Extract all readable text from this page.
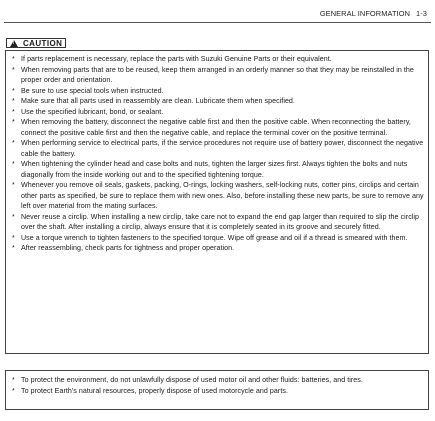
GENERAL INFORMATION 1-3
!
CAUTION
* If parts replacement is necessary, replace the parts with Suzuki Genuine Parts or their equivalent.
* When removing parts that are to be reused, keep them arranged in an orderly manner so that they may be reinstalled in the proper order and orientation.
* Be sure to use special tools when instructed.
* Make sure that all parts used in reassembly are clean. Lubricate them when specified.
* Use the specified lubricant, bond, or sealant.
* When removing the battery, disconnect the negative cable first and then the positive cable. When reconnecting the battery, connect the positive cable first and then the negative cable, and replace the terminal cover on the positive terminal.
* When performing service to electrical parts, if the service procedures not require use of battery power, disconnect the negative cable the battery.
* When tightening the cylinder head and case bolts and nuts, tighten the larger sizes first. Always tighten the bolts and nuts diagonally from the inside working out and to the specified tightening torque.
* Whenever you remove oil seals, gaskets, packing, O-rings, locking washers, self-locking nuts, cotter pins, circlips and certain other parts as specified, be sure to replace them with new ones. Also, before installing these new parts, be sure to remove any left over material from the mating surfaces.
* Never reuse a circlip. When installing a new circlip, take care not to expand the end gap larger than required to slip the circlip over the shaft. After installing a circlip, always ensure that it is completely seated in its groove and securely fitted.
* Use a torque wrench to tighten fasteners to the specified torque. Wipe off grease and oil if a thread is smeared with them.
* After reassembling, check parts for tightness and proper operation.
* To protect the environment, do not unlawfully dispose of used motor oil and other fluids: batteries, and tires.
* To protect Earth's natural resources, properly dispose of used motorcycle and parts.
